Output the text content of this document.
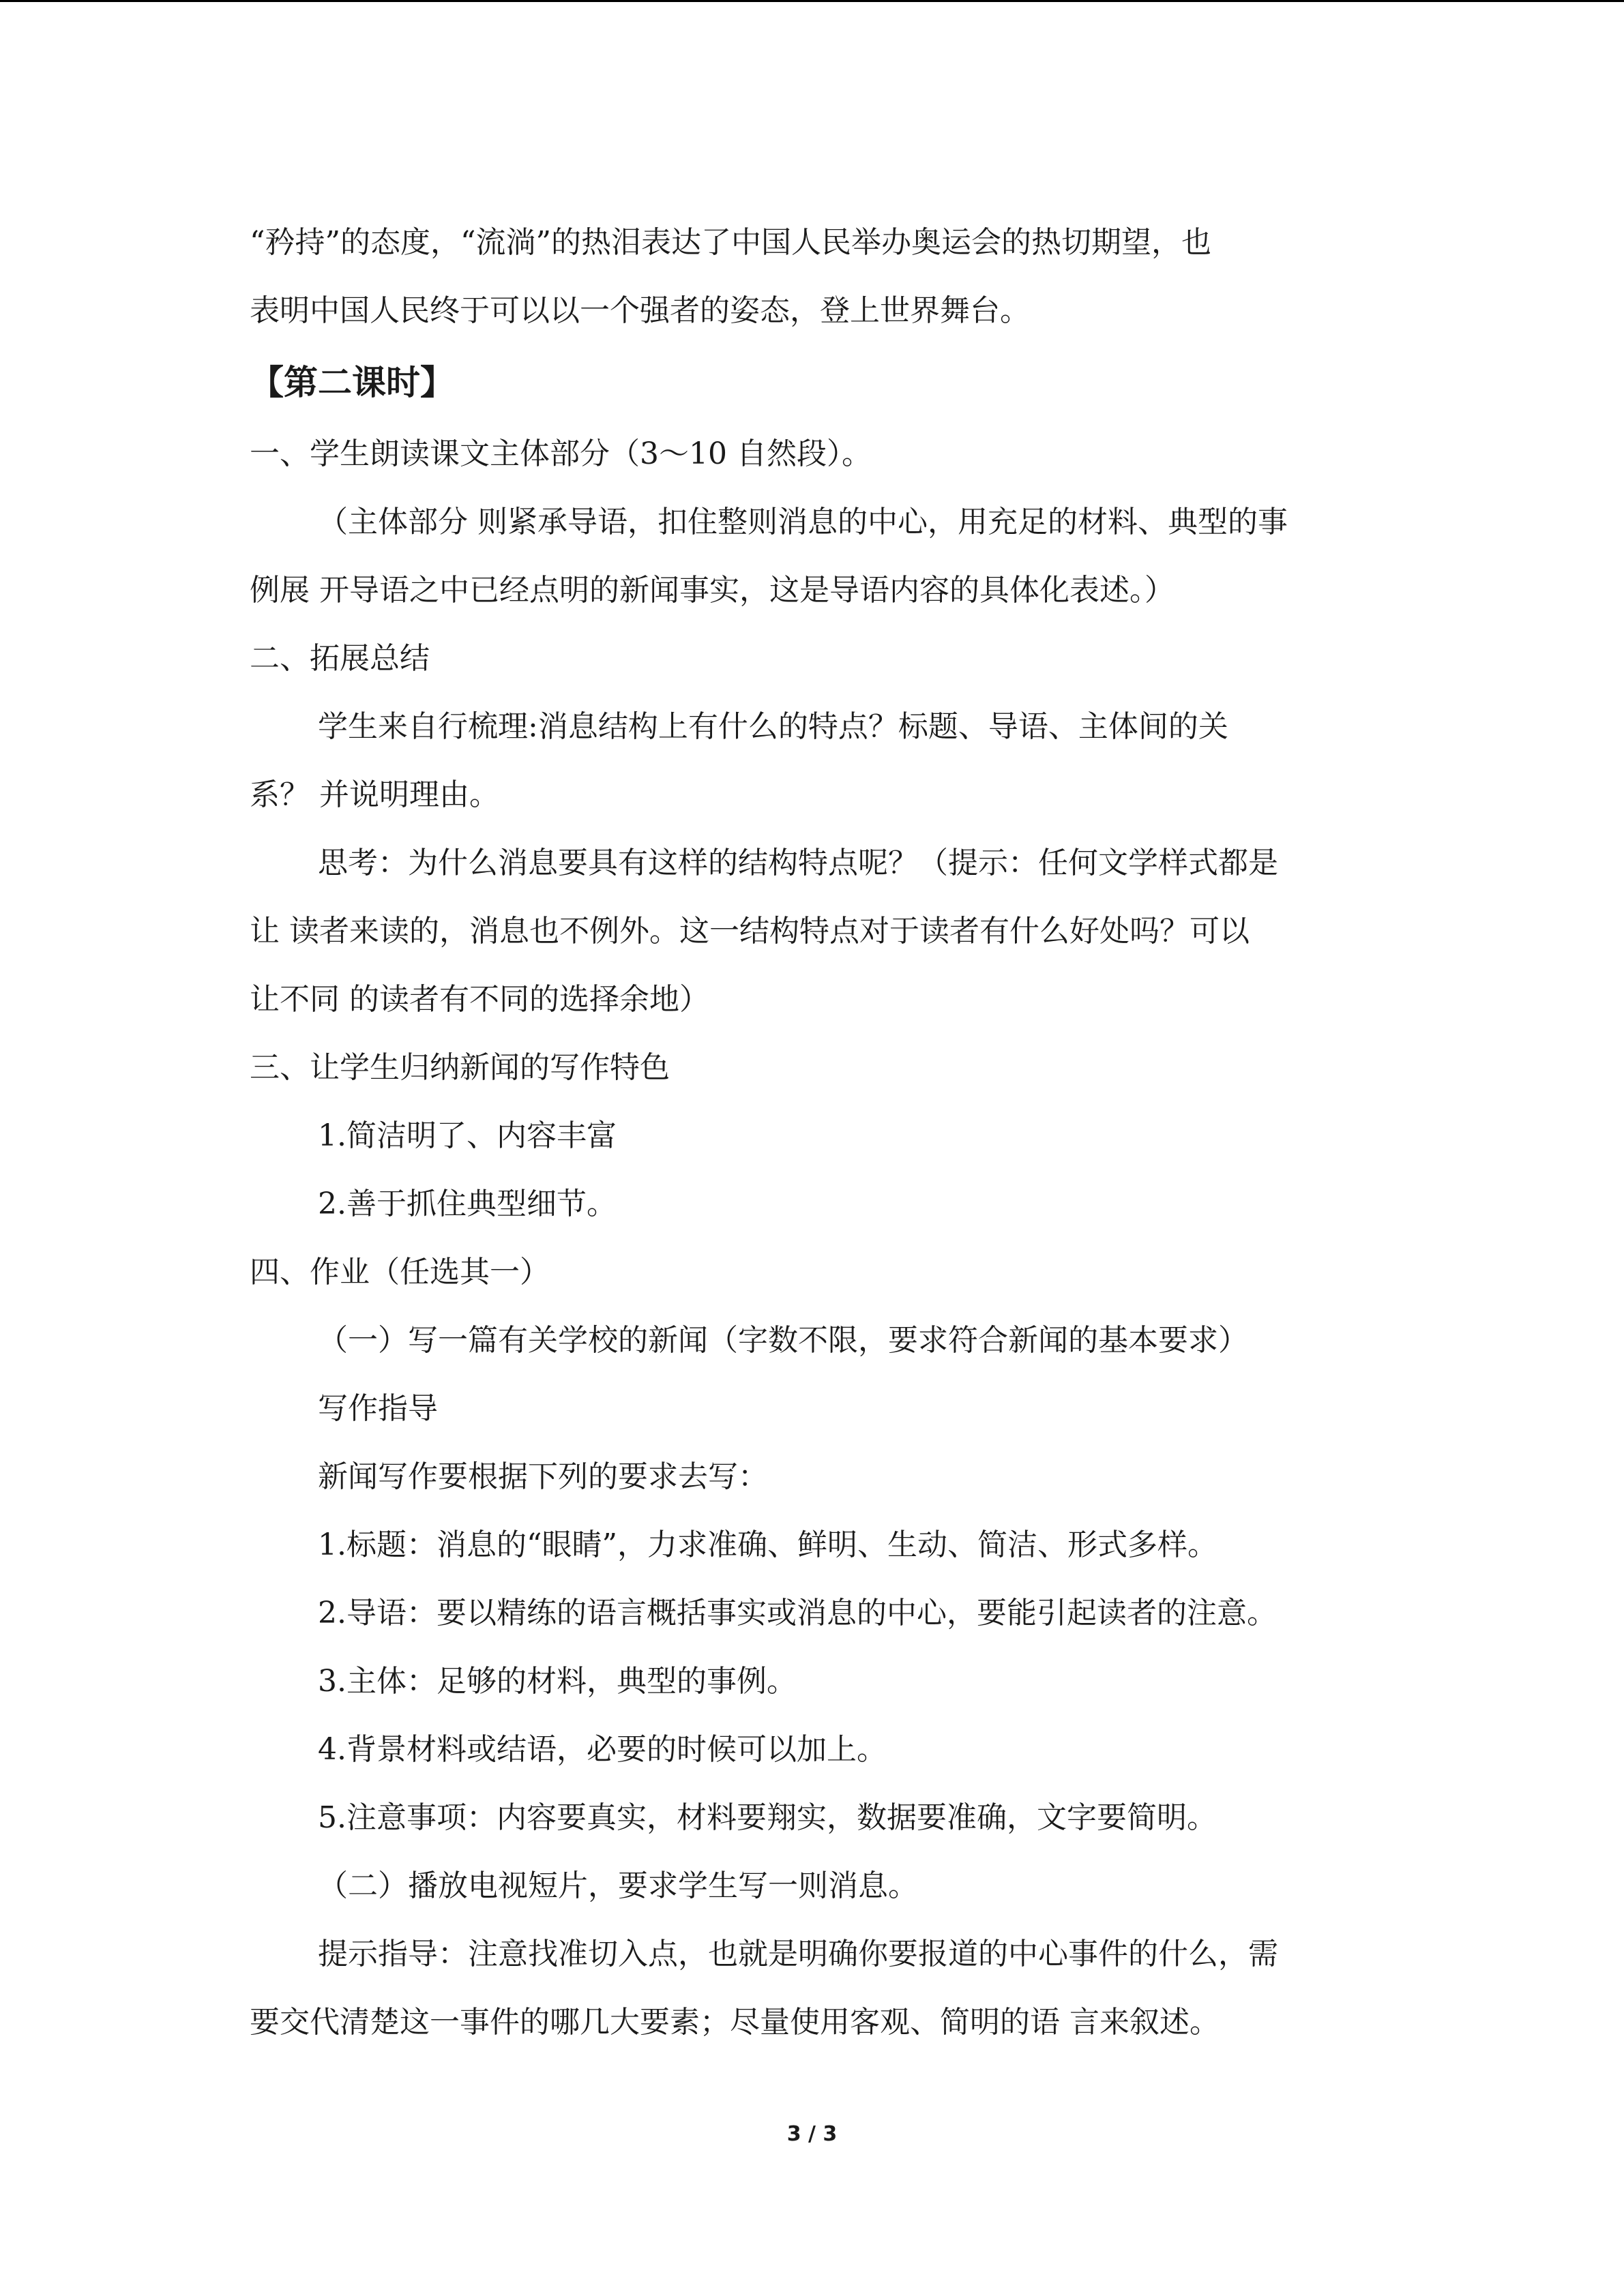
“矜持”的态度，“流淌”的热泪表达了中国人民举办奥运会的热切期望，也

表明中国人民终于可以以一个强者的姿态，登上世界舞台。

【第二课时】

一、学生朗读课文主体部分（3～10 自然段）。

（主体部分 则紧承导语，扣住整则消息的中心，用充足的材料、典型的事

例展 开导语之中已经点明的新闻事实，这是导语内容的具体化表述。）

二、拓展总结

学生来自行梳理:消息结构上有什么的特点？标题、导语、主体间的关

系？ 并说明理由。

思考：为什么消息要具有这样的结构特点呢？（提示：任何文学样式都是

让 读者来读的，消息也不例外。这一结构特点对于读者有什么好处吗？可以

让不同 的读者有不同的选择余地）

三、让学生归纳新闻的写作特色

1.简洁明了、内容丰富

2.善于抓住典型细节。

四、作业（任选其一）

（一）写一篇有关学校的新闻（字数不限，要求符合新闻的基本要求）

写作指导

新闻写作要根据下列的要求去写：

1.标题：消息的“眼睛”，力求准确、鲜明、生动、简洁、形式多样。

2.导语：要以精练的语言概括事实或消息的中心，要能引起读者的注意。

3.主体：足够的材料，典型的事例。

4.背景材料或结语，必要的时候可以加上。

5.注意事项：内容要真实，材料要翔实，数据要准确，文字要简明。

（二）播放电视短片，要求学生写一则消息。

提示指导：注意找准切入点，也就是明确你要报道的中心事件的什么，需

要交代清楚这一事件的哪几大要素；尽量使用客观、简明的语 言来叙述。

3 / 3
